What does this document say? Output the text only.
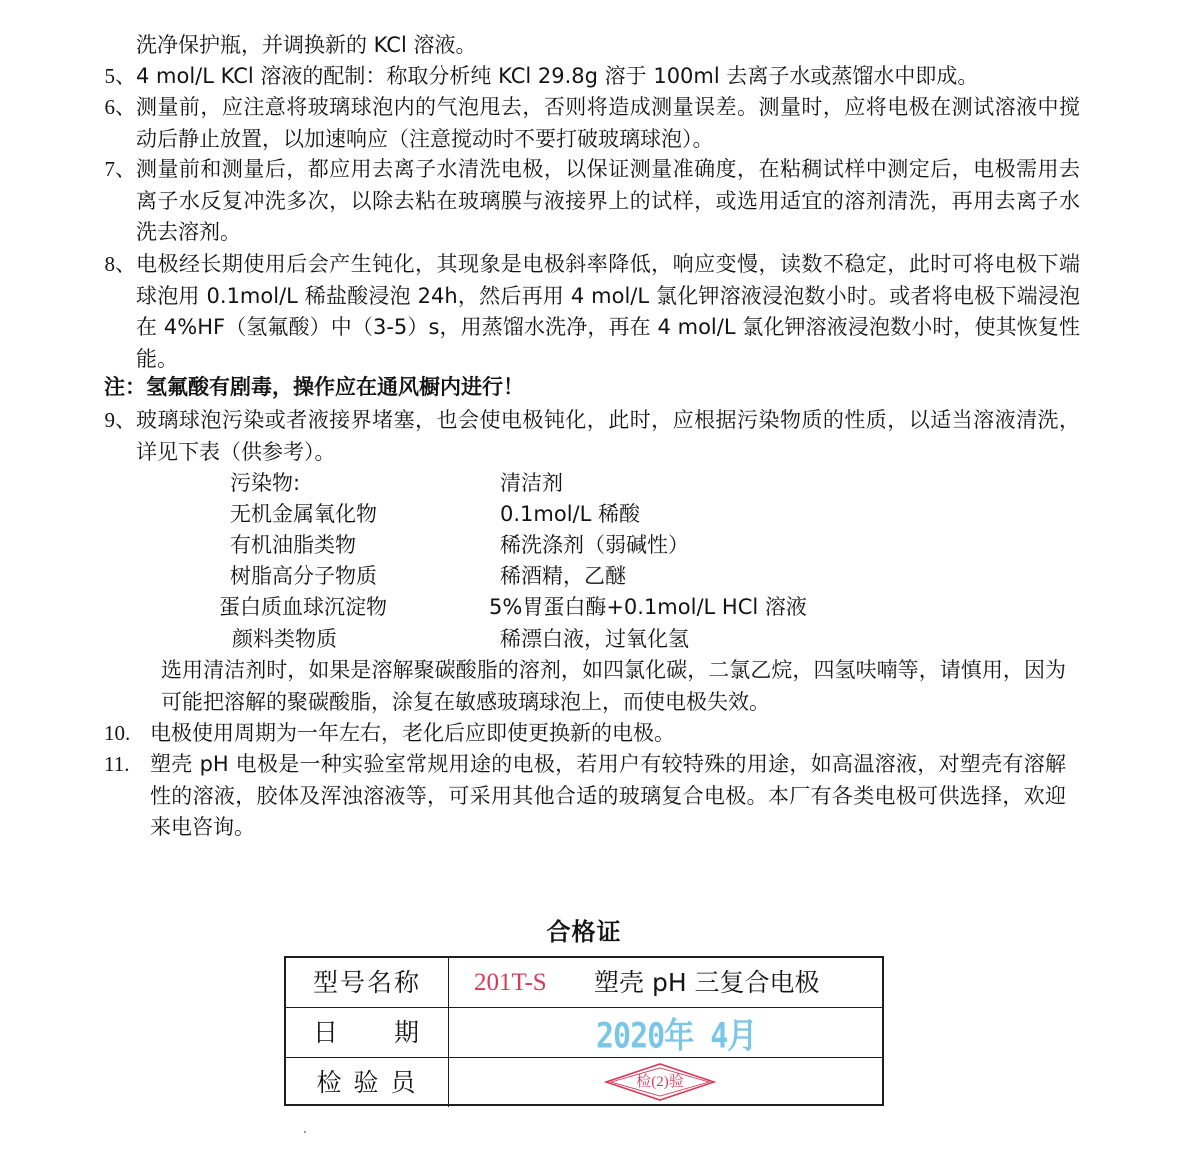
洗净保护瓶，并调换新的 KCl 溶液。
5、 4 mol/L KCl 溶液的配制：称取分析纯 KCl 29.8g 溶于 100ml 去离子水或蒸馏水中即成。
6、 测量前，应注意将玻璃球泡内的气泡甩去，否则将造成测量误差。测量时，应将电极在测试溶液中搅动后静止放置，以加速响应（注意搅动时不要打破玻璃球泡）。
7、 测量前和测量后，都应用去离子水清洗电极，以保证测量准确度，在粘稠试样中测定后，电极需用去离子水反复冲洗多次，以除去粘在玻璃膜与液接界上的试样，或选用适宜的溶剂清洗，再用去离子水洗去溶剂。
8、 电极经长期使用后会产生钝化，其现象是电极斜率降低，响应变慢，读数不稳定，此时可将电极下端球泡用 0.1mol/L 稀盐酸浸泡 24h，然后再用 4 mol/L 氯化钾溶液浸泡数小时。或者将电极下端浸泡在 4%HF（氢氟酸）中（3-5）s，用蒸馏水洗净，再在 4 mol/L 氯化钾溶液浸泡数小时，使其恢复性能。
注：氢氟酸有剧毒，操作应在通风橱内进行！
9、 玻璃球泡污染或者液接界堵塞，也会使电极钝化，此时，应根据污染物质的性质，以适当溶液清洗，详见下表（供参考）。
污染物:	清洁剂
无机金属氧化物	0.1mol/L 稀酸
有机油脂类物	稀洗涤剂（弱碱性）
树脂高分子物质	稀酒精，乙醚
蛋白质血球沉淀物	5%胃蛋白酶+0.1mol/L HCl 溶液
颜料类物质	稀漂白液，过氧化氢
选用清洁剂时，如果是溶解聚碳酸脂的溶剂，如四氯化碳，二氯乙烷，四氢呋喃等，请慎用，因为可能把溶解的聚碳酸脂，涂复在敏感玻璃球泡上，而使电极失效。
10. 电极使用周期为一年左右，老化后应即使更换新的电极。
11. 塑壳 pH 电极是一种实验室常规用途的电极，若用户有较特殊的用途，如高温溶液，对塑壳有溶解性的溶液，胶体及浑浊溶液等，可采用其他合适的玻璃复合电极。本厂有各类电极可供选择，欢迎来电咨询。
合格证
型号名称	201T-S 塑壳 pH 三复合电极
日　　期	2020年 4月
检 验 员	检(2)验
